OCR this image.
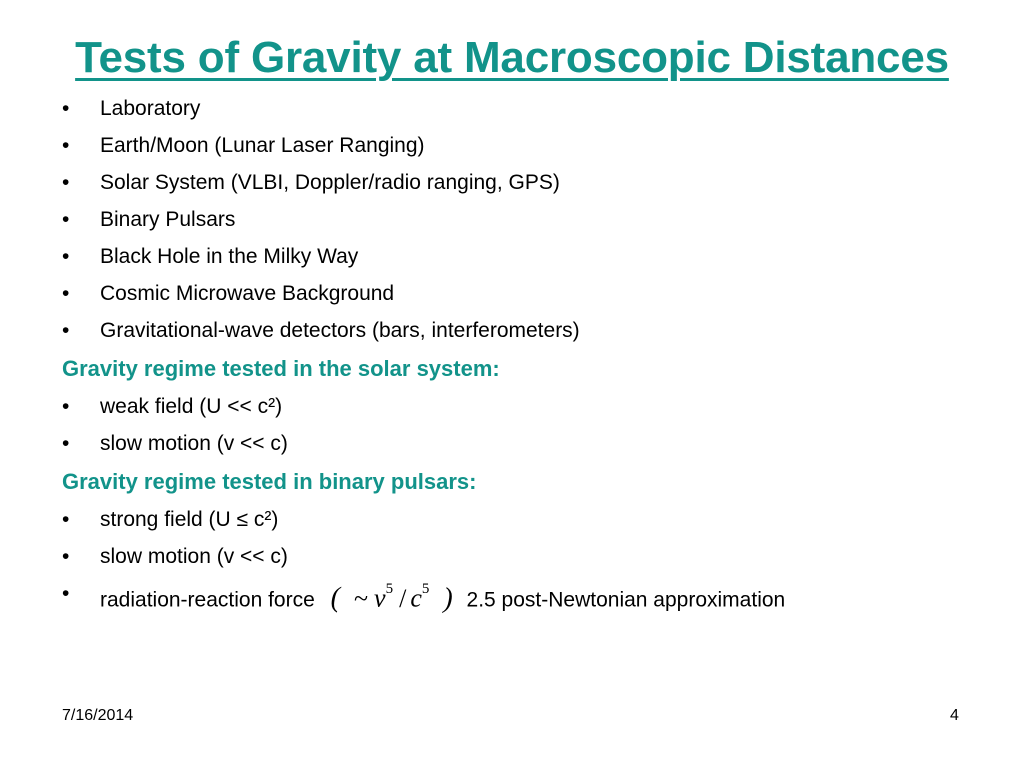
Tests of Gravity at Macroscopic Distances
• Laboratory
• Earth/Moon (Lunar Laser Ranging)
• Solar System (VLBI, Doppler/radio ranging, GPS)
• Binary Pulsars
• Black Hole in the Milky Way
• Cosmic Microwave Background
• Gravitational-wave detectors (bars, interferometers)
Gravity regime tested in the solar system:
• weak field (U << c²)
• slow motion (v << c)
Gravity regime tested in binary pulsars:
• strong field (U ≤ c²)
• slow motion (v << c)
• radiation-reaction force ( ~ $v^5 / c^5$ ) 2.5 post-Newtonian approximation
7/16/2014	4
